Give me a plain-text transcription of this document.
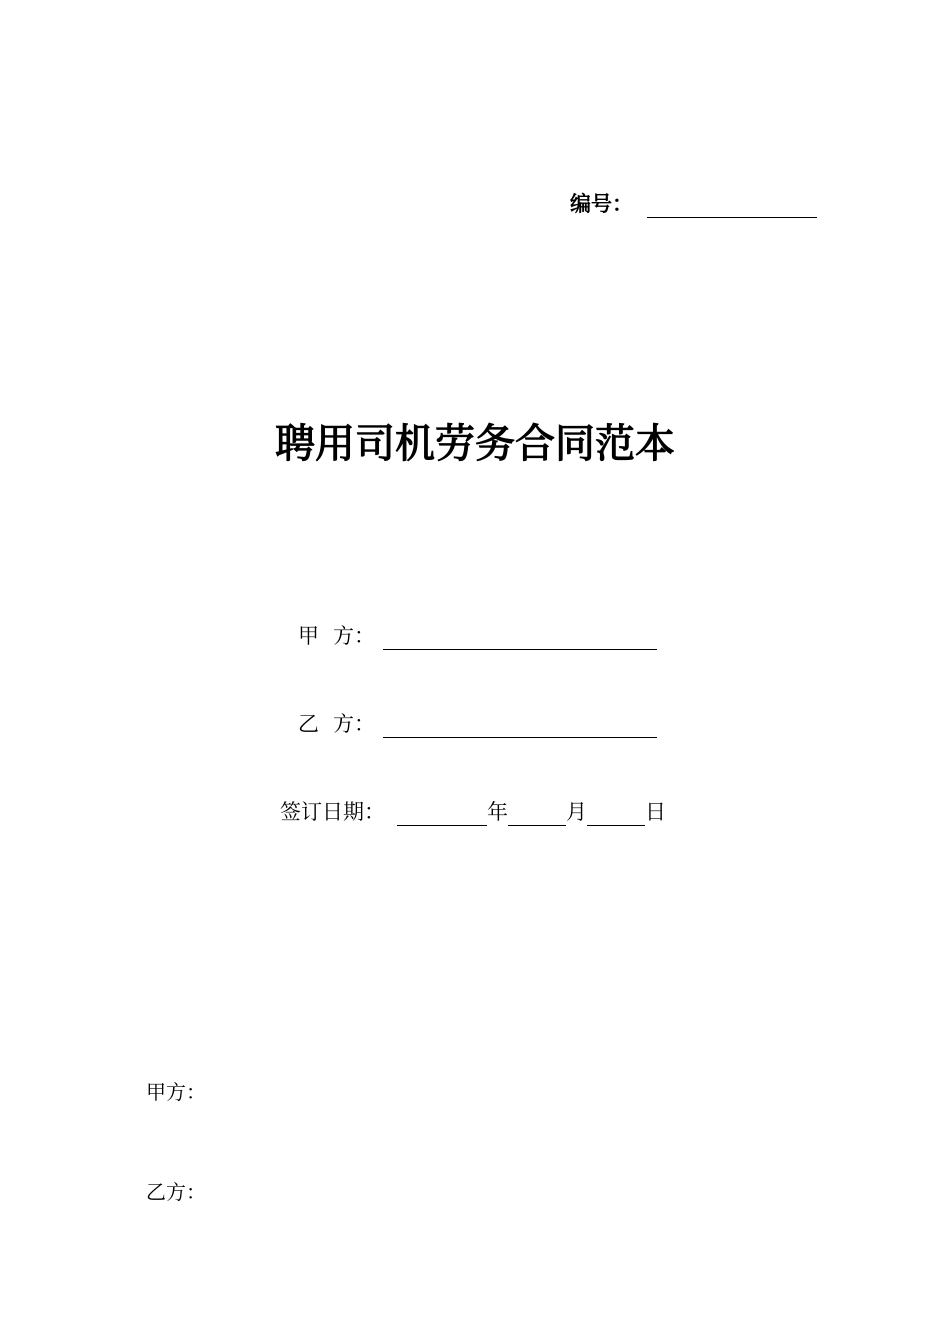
编号：
聘用司机劳务合同范本
甲 方：
乙 方：
签订日期：	年	月	日
甲方：
乙方：
